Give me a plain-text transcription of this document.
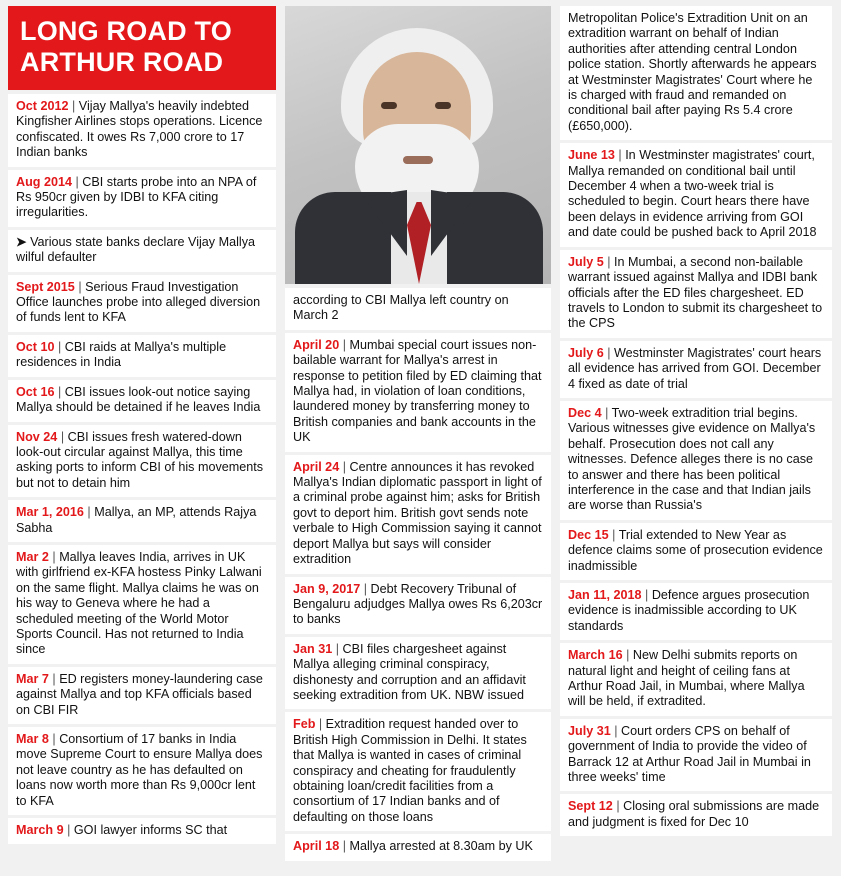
LONG ROAD TO
ARTHUR ROAD
Oct 2012 | Vijay Mallya's heavily indebted Kingfisher Airlines stops operations. Licence confiscated. It owes Rs 7,000 crore to 17 Indian banks
Aug 2014 | CBI starts probe into an NPA of Rs 950cr given by IDBI to KFA citing irregularities.
➤ Various state banks declare Vijay Mallya wilful defaulter
Sept 2015 | Serious Fraud Investigation Office launches probe into alleged diversion of funds lent to KFA
Oct 10 | CBI raids at Mallya's multiple residences in India
Oct 16 | CBI issues look-out notice saying Mallya should be detained if he leaves India
Nov 24 | CBI issues fresh watered-down look-out circular against Mallya, this time asking ports to inform CBI of his movements but not to detain him
Mar 1, 2016 | Mallya, an MP, attends Rajya Sabha
Mar 2 | Mallya leaves India, arrives in UK with girlfriend ex-KFA hostess Pinky Lalwani on the same flight. Mallya claims he was on his way to Geneva where he had a scheduled meeting of the World Motor Sports Council. Has not returned to India since
Mar 7 | ED registers money-laundering case against Mallya and top KFA officials based on CBI FIR
Mar 8 | Consortium of 17 banks in India move Supreme Court to ensure Mallya does not leave country as he has defaulted on loans now worth more than Rs 9,000cr lent to KFA
March 9 | GOI lawyer informs SC that
according to CBI Mallya left country on March 2
April 20 | Mumbai special court issues non-bailable warrant for Mallya's arrest in response to petition filed by ED claiming that Mallya had, in violation of loan conditions, laundered money by transferring money to British companies and bank accounts in the UK
April 24 | Centre announces it has revoked Mallya's Indian diplomatic passport in light of a criminal probe against him; asks for British govt to deport him. British govt sends note verbale to High Commission saying it cannot deport Mallya but says will consider extradition
Jan 9, 2017 | Debt Recovery Tribunal of Bengaluru adjudges Mallya owes Rs 6,203cr to banks
Jan 31 | CBI files chargesheet against Mallya alleging criminal conspiracy, dishonesty and corruption and an affidavit seeking extradition from UK. NBW issued
Feb | Extradition request handed over to British High Commission in Delhi. It states that Mallya is wanted in cases of criminal conspiracy and cheating for fraudulently obtaining loan/credit facilities from a consortium of 17 Indian banks and of defaulting on those loans
April 18 | Mallya arrested at 8.30am by UK
Metropolitan Police's Extradition Unit on an extradition warrant on behalf of Indian authorities after attending central London police station. Shortly afterwards he appears at Westminster Magistrates' Court where he is charged with fraud and remanded on conditional bail after paying Rs 5.4 crore (£650,000).
June 13 | In Westminster magistrates' court, Mallya remanded on conditional bail until December 4 when a two-week trial is scheduled to begin. Court hears there have been delays in evidence arriving from GOI and date could be pushed back to April 2018
July 5 | In Mumbai, a second non-bailable warrant issued against Mallya and IDBI bank officials after the ED files chargesheet. ED travels to London to submit its chargesheet to the CPS
July 6 | Westminster Magistrates' court hears all evidence has arrived from GOI. December 4 fixed as date of trial
Dec 4 | Two-week extradition trial begins. Various witnesses give evidence on Mallya's behalf. Prosecution does not call any witnesses. Defence alleges there is no case to answer and there has been political interference in the case and that Indian jails are worse than Russia's
Dec 15 | Trial extended to New Year as defence claims some of prosecution evidence inadmissible
Jan 11, 2018 | Defence argues prosecution evidence is inadmissible according to UK standards
March 16 | New Delhi submits reports on natural light and height of ceiling fans at Arthur Road Jail, in Mumbai, where Mallya will be held, if extradited.
July 31 | Court orders CPS on behalf of government of India to provide the video of Barrack 12 at Arthur Road Jail in Mumbai in three weeks' time
Sept 12 | Closing oral submissions are made and judgment is fixed for Dec 10
